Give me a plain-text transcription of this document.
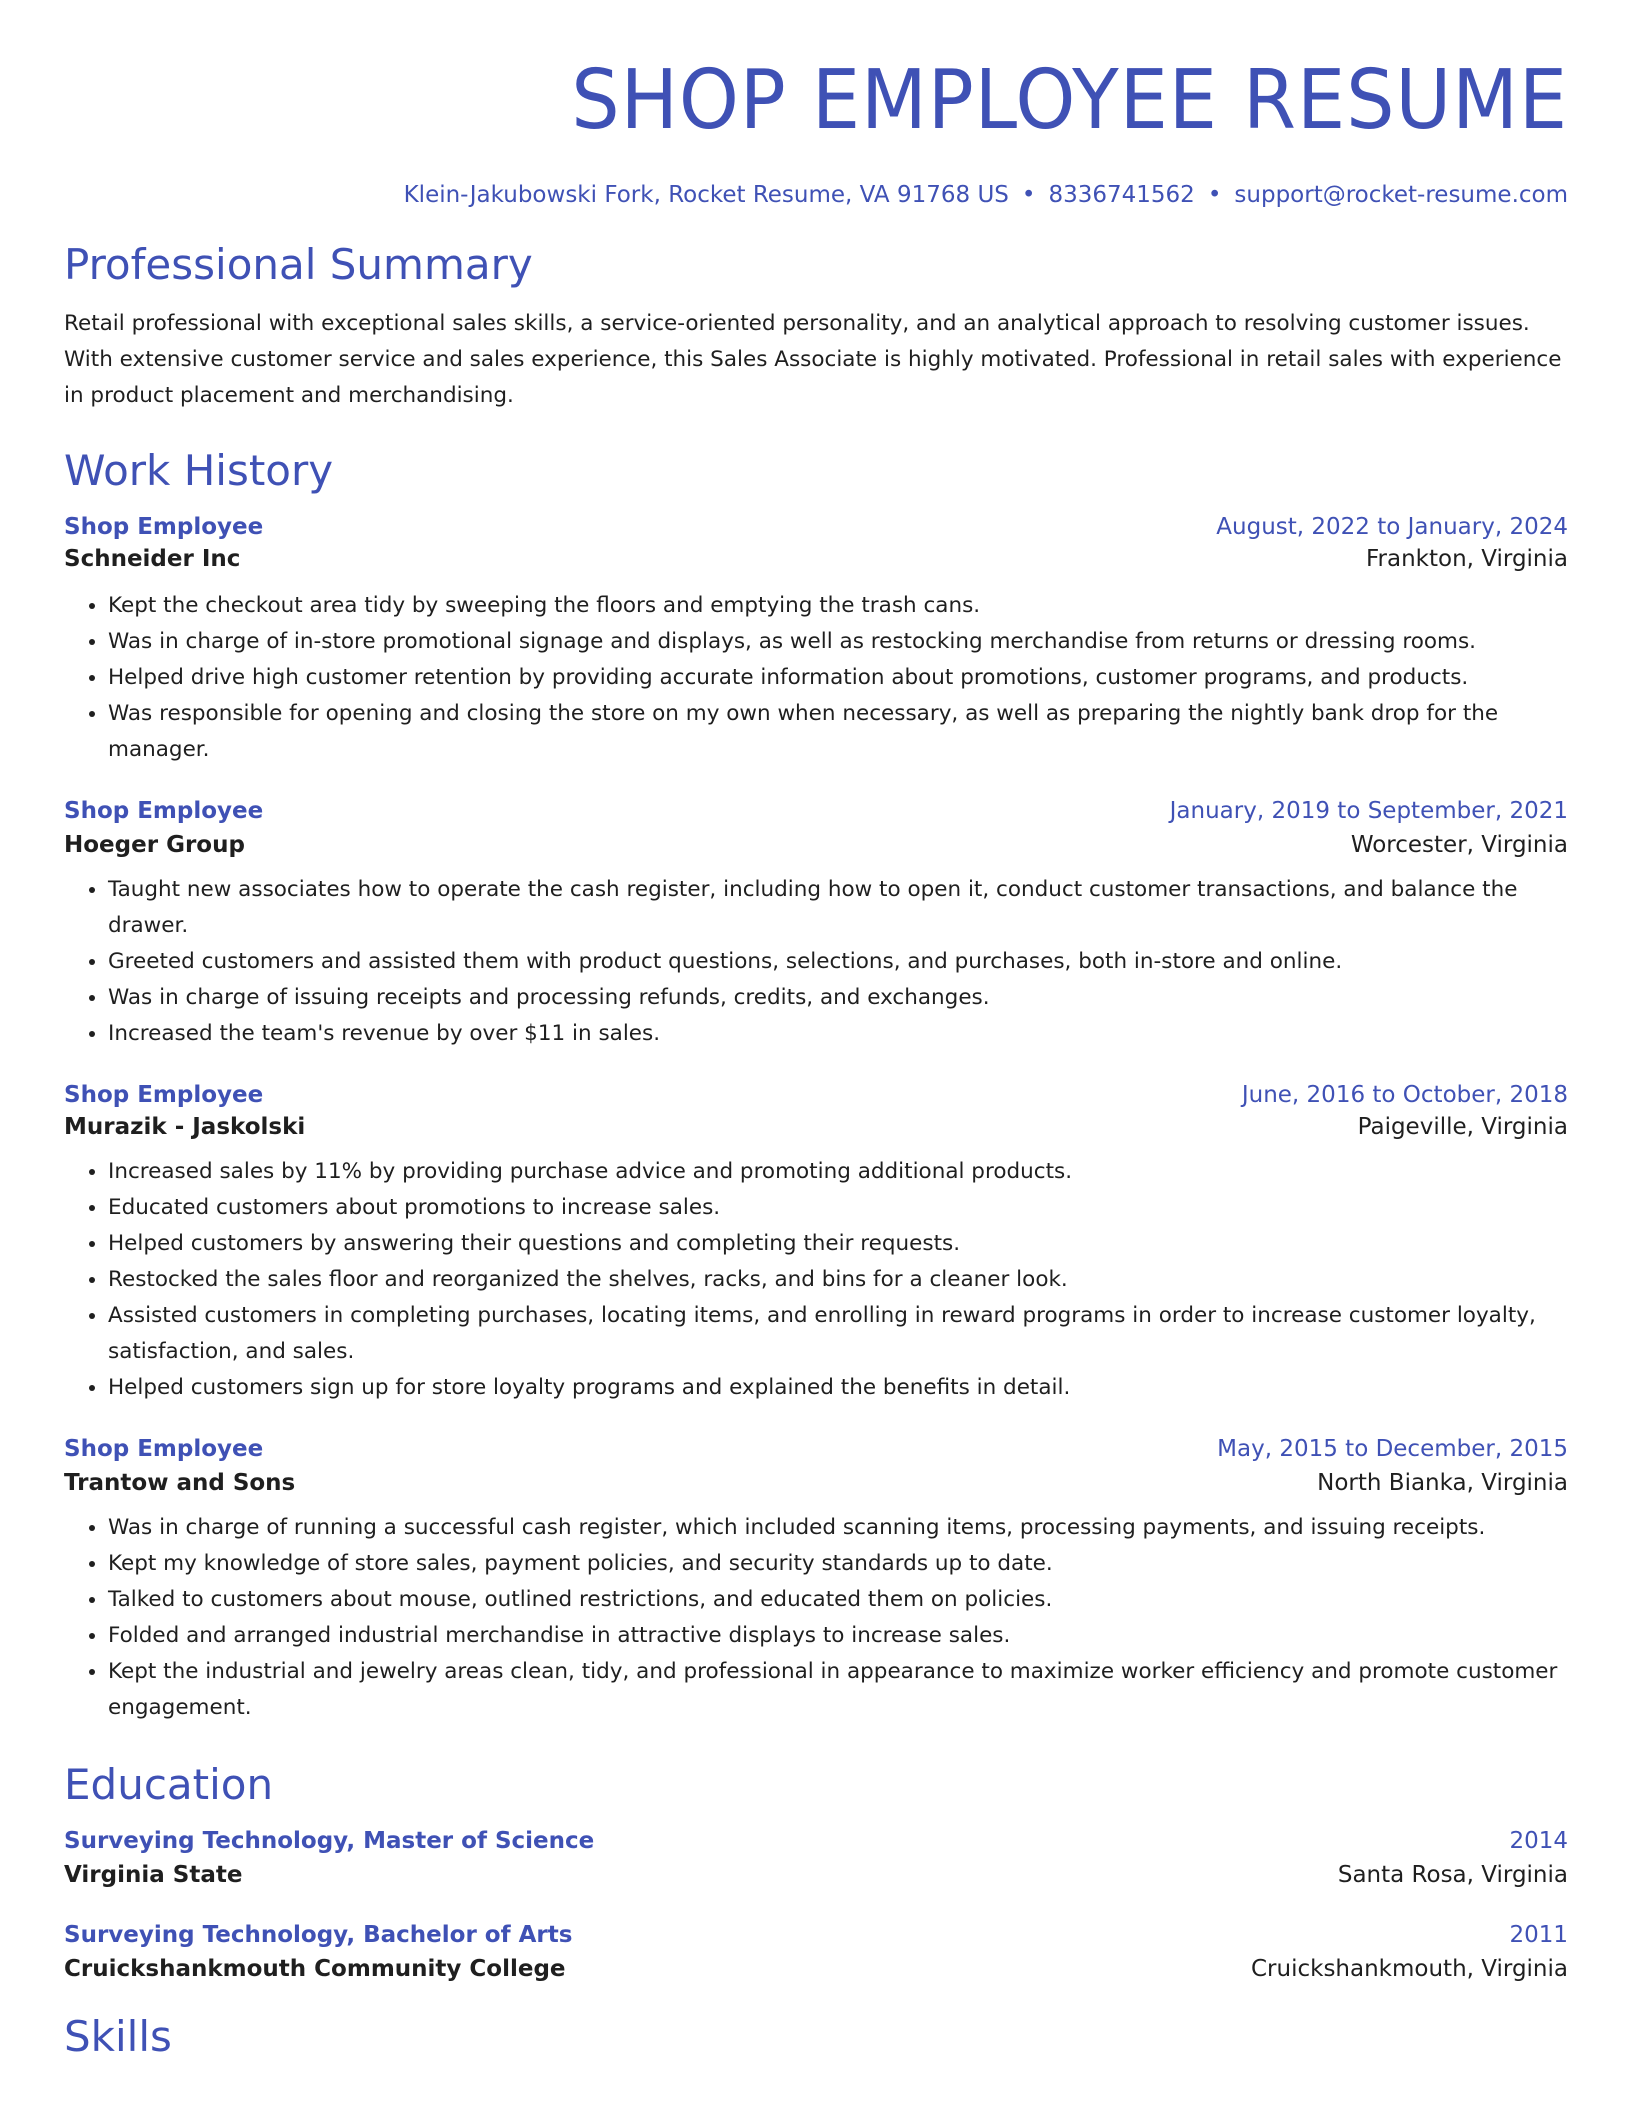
SHOP EMPLOYEE RESUME
Klein-Jakubowski Fork, Rocket Resume, VA 91768 US • 8336741562 • support@rocket-resume.com
Professional Summary
Retail professional with exceptional sales skills, a service-oriented personality, and an analytical approach to resolving customer issues. With extensive customer service and sales experience, this Sales Associate is highly motivated. Professional in retail sales with experience in product placement and merchandising.
Work History
Shop Employee	August, 2022 to January, 2024
Schneider Inc	Frankton, Virginia
• Kept the checkout area tidy by sweeping the floors and emptying the trash cans.
• Was in charge of in-store promotional signage and displays, as well as restocking merchandise from returns or dressing rooms.
• Helped drive high customer retention by providing accurate information about promotions, customer programs, and products.
• Was responsible for opening and closing the store on my own when necessary, as well as preparing the nightly bank drop for the manager.
Shop Employee	January, 2019 to September, 2021
Hoeger Group	Worcester, Virginia
• Taught new associates how to operate the cash register, including how to open it, conduct customer transactions, and balance the drawer.
• Greeted customers and assisted them with product questions, selections, and purchases, both in-store and online.
• Was in charge of issuing receipts and processing refunds, credits, and exchanges.
• Increased the team's revenue by over $11 in sales.
Shop Employee	June, 2016 to October, 2018
Murazik - Jaskolski	Paigeville, Virginia
• Increased sales by 11% by providing purchase advice and promoting additional products.
• Educated customers about promotions to increase sales.
• Helped customers by answering their questions and completing their requests.
• Restocked the sales floor and reorganized the shelves, racks, and bins for a cleaner look.
• Assisted customers in completing purchases, locating items, and enrolling in reward programs in order to increase customer loyalty, satisfaction, and sales.
• Helped customers sign up for store loyalty programs and explained the benefits in detail.
Shop Employee	May, 2015 to December, 2015
Trantow and Sons	North Bianka, Virginia
• Was in charge of running a successful cash register, which included scanning items, processing payments, and issuing receipts.
• Kept my knowledge of store sales, payment policies, and security standards up to date.
• Talked to customers about mouse, outlined restrictions, and educated them on policies.
• Folded and arranged industrial merchandise in attractive displays to increase sales.
• Kept the industrial and jewelry areas clean, tidy, and professional in appearance to maximize worker efficiency and promote customer engagement.
Education
Surveying Technology, Master of Science	2014
Virginia State	Santa Rosa, Virginia
Surveying Technology, Bachelor of Arts	2011
Cruickshankmouth Community College	Cruickshankmouth, Virginia
Skills
